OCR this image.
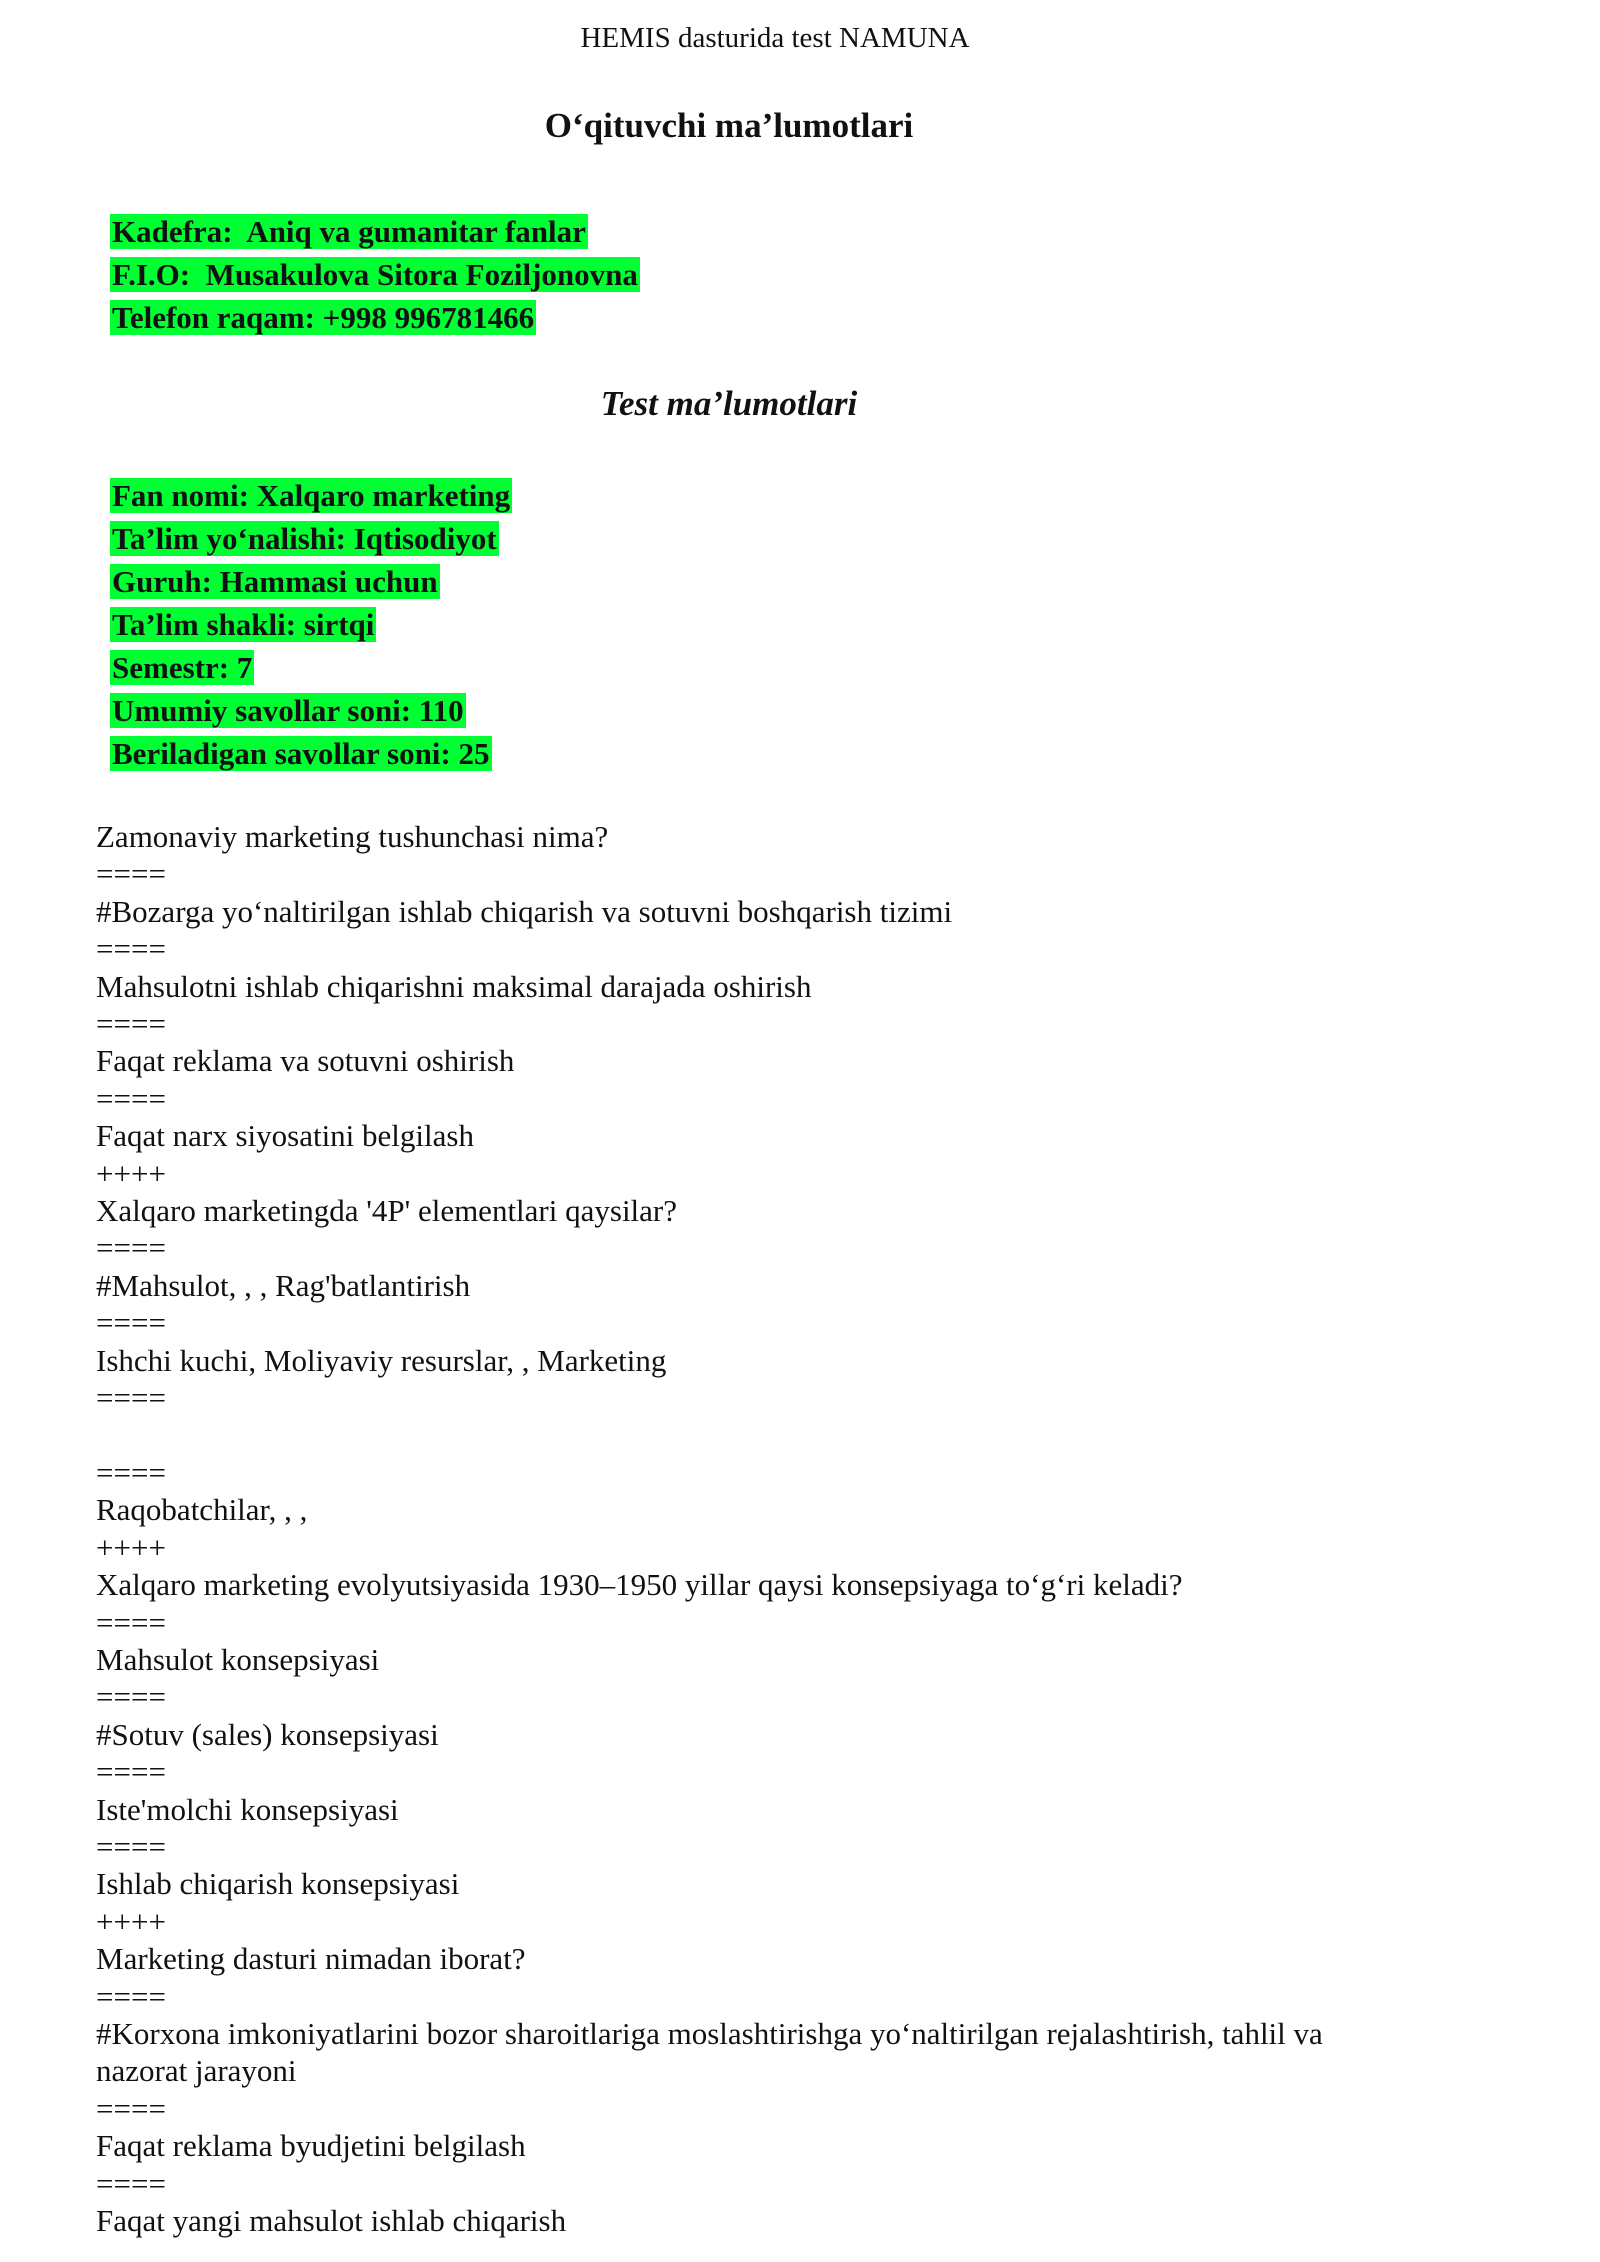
HEMIS dasturida test NAMUNA
O‘qituvchi ma’lumotlari
Kadefra:  Aniq va gumanitar fanlar
F.I.O:  Musakulova Sitora Foziljonovna
Telefon raqam: +998 996781466
Test ma’lumotlari
Fan nomi: Xalqaro marketing
Ta’lim yo‘nalishi: Iqtisodiyot
Guruh: Hammasi uchun
Ta’lim shakli: sirtqi
Semestr: 7
Umumiy savollar soni: 110
Beriladigan savollar soni: 25
Zamonaviy marketing tushunchasi nima?
====
#Bozarga yo‘naltirilgan ishlab chiqarish va sotuvni boshqarish tizimi
====
Mahsulotni ishlab chiqarishni maksimal darajada oshirish
====
Faqat reklama va sotuvni oshirish
====
Faqat narx siyosatini belgilash
++++
Xalqaro marketingda '4P' elementlari qaysilar?
====
#Mahsulot, , , Rag'batlantirish
====
Ishchi kuchi, Moliyaviy resurslar, , Marketing
====
====
Raqobatchilar, , ,
++++
Xalqaro marketing evolyutsiyasida 1930–1950 yillar qaysi konsepsiyaga to‘g‘ri keladi?
====
Mahsulot konsepsiyasi
====
#Sotuv (sales) konsepsiyasi
====
Iste'molchi konsepsiyasi
====
Ishlab chiqarish konsepsiyasi
++++
Marketing dasturi nimadan iborat?
====
#Korxona imkoniyatlarini bozor sharoitlariga moslashtirishga yo‘naltirilgan rejalashtirish, tahlil va
nazorat jarayoni
====
Faqat reklama byudjetini belgilash
====
Faqat yangi mahsulot ishlab chiqarish
